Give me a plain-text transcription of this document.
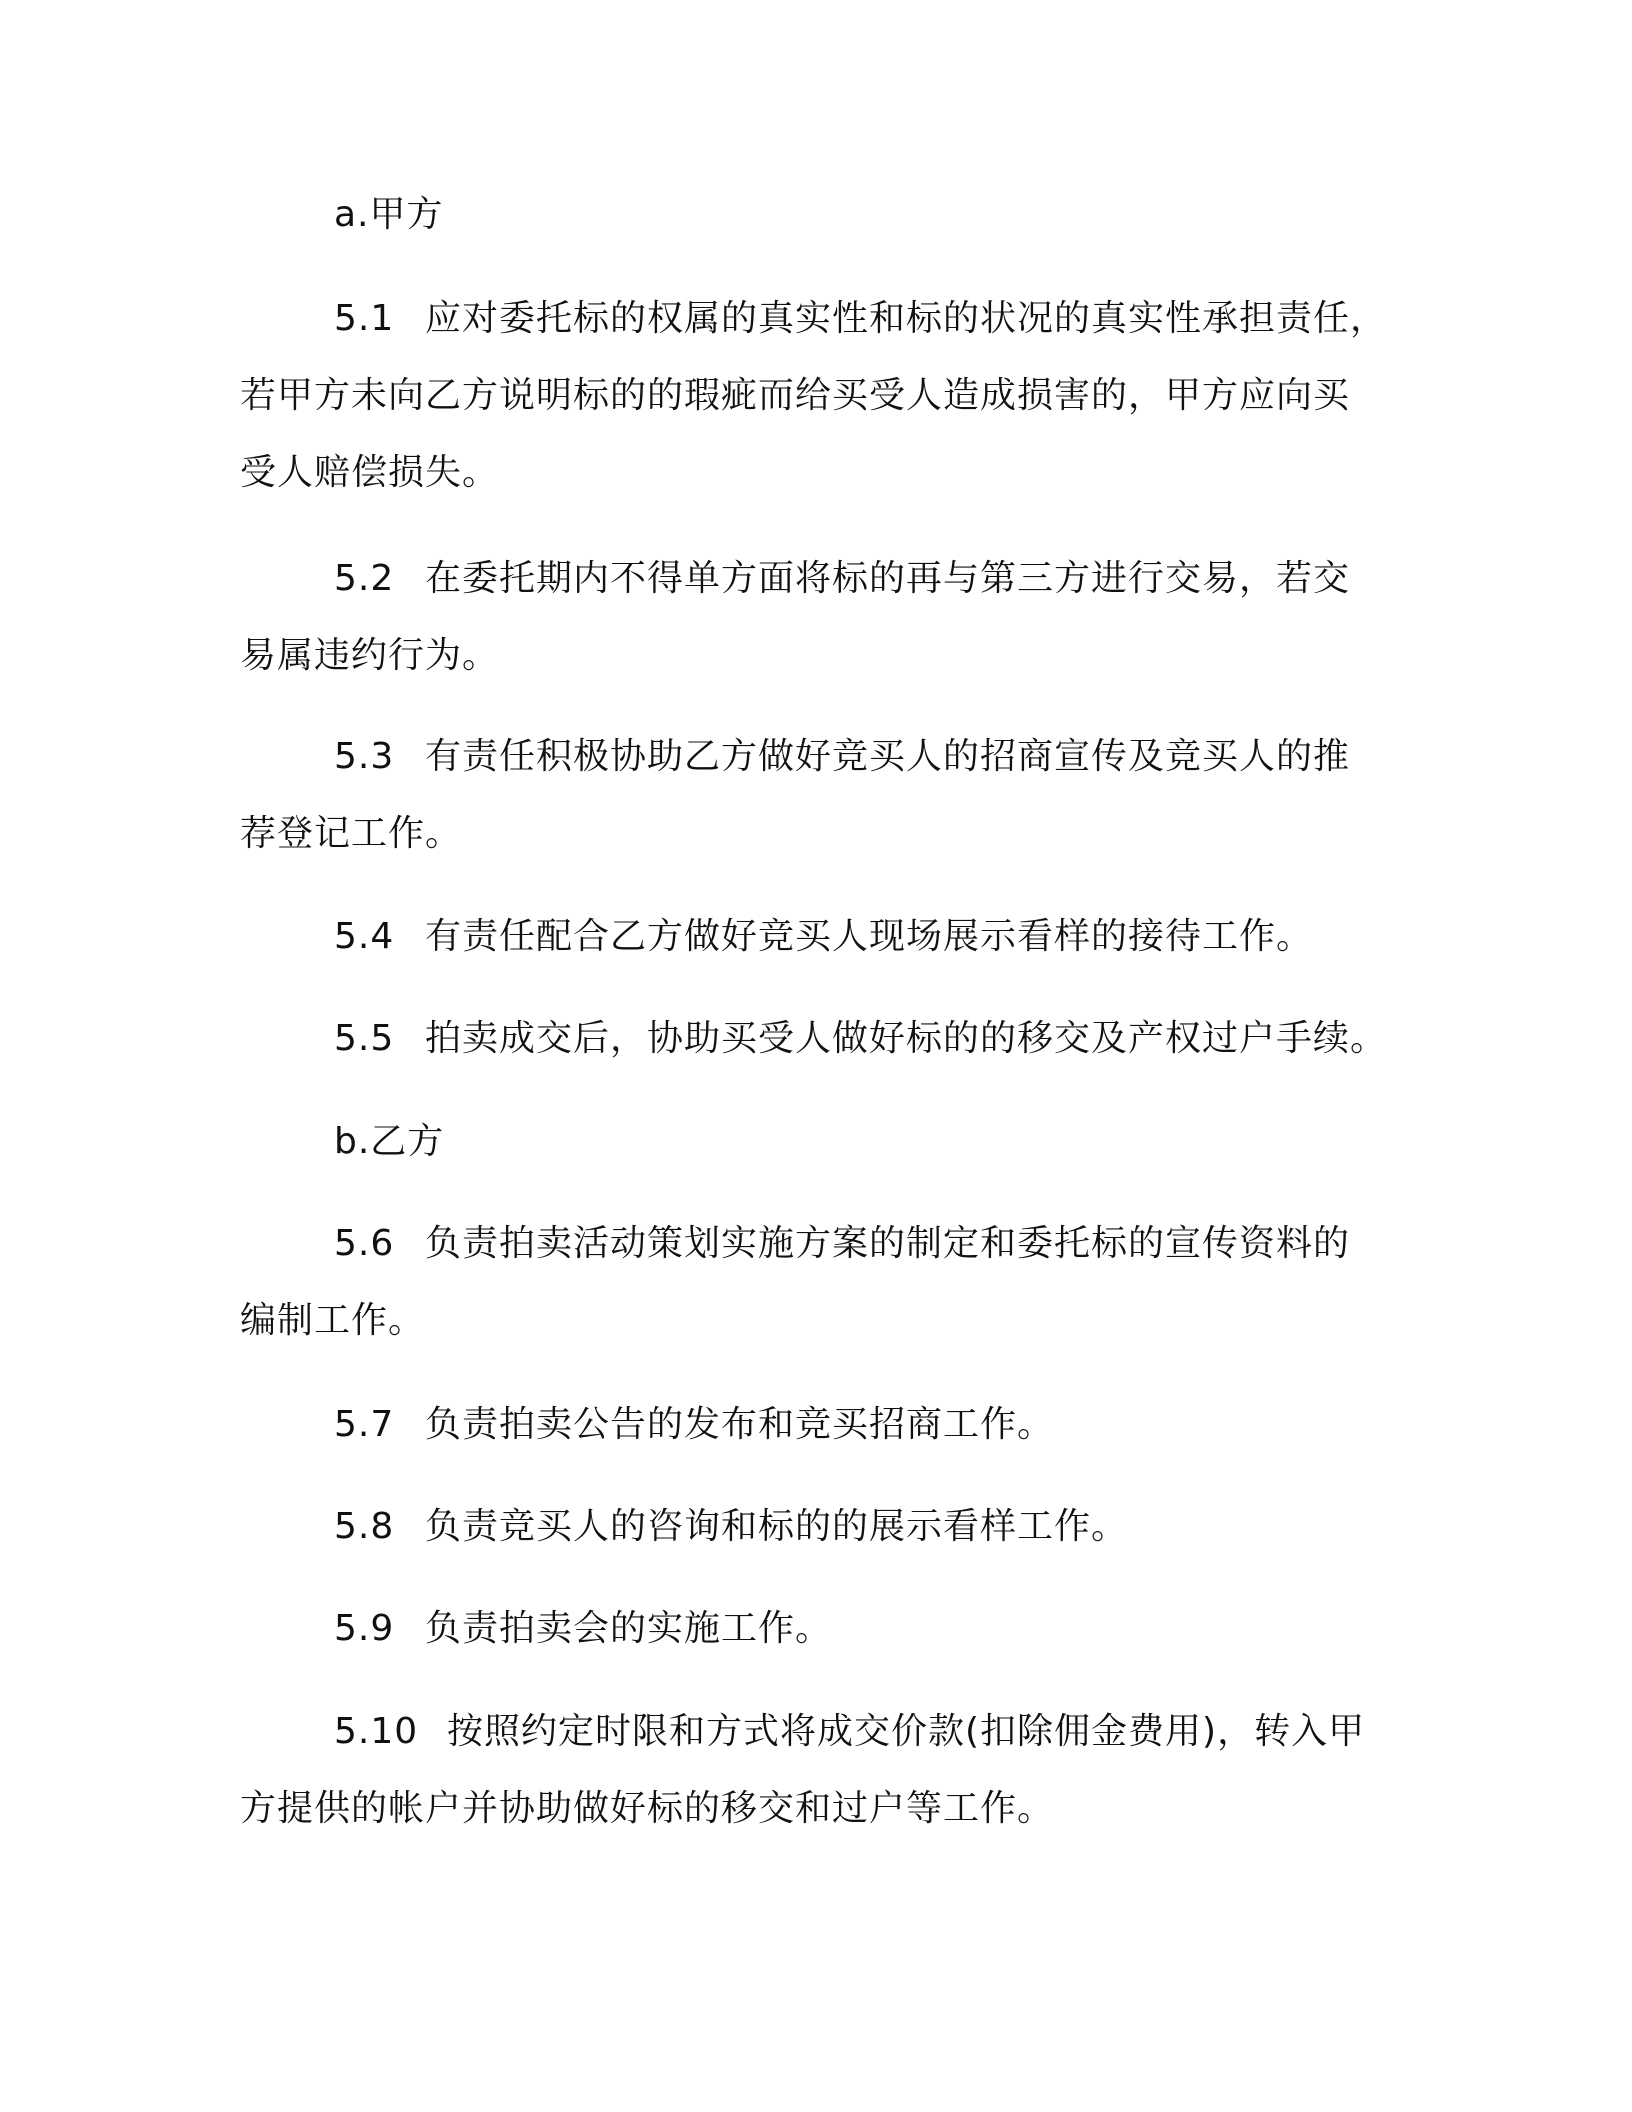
a.甲方

5.1 应对委托标的权属的真实性和标的状况的真实性承担责任，
若甲方未向乙方说明标的的瑕疵而给买受人造成损害的，甲方应向买
受人赔偿损失。

5.2 在委托期内不得单方面将标的再与第三方进行交易，若交
易属违约行为。

5.3 有责任积极协助乙方做好竞买人的招商宣传及竞买人的推
荐登记工作。

5.4 有责任配合乙方做好竞买人现场展示看样的接待工作。

5.5 拍卖成交后，协助买受人做好标的的移交及产权过户手续。

b.乙方

5.6 负责拍卖活动策划实施方案的制定和委托标的宣传资料的
编制工作。

5.7 负责拍卖公告的发布和竞买招商工作。

5.8 负责竞买人的咨询和标的的展示看样工作。

5.9 负责拍卖会的实施工作。

5.10 按照约定时限和方式将成交价款(扣除佣金费用)，转入甲
方提供的帐户并协助做好标的移交和过户等工作。
